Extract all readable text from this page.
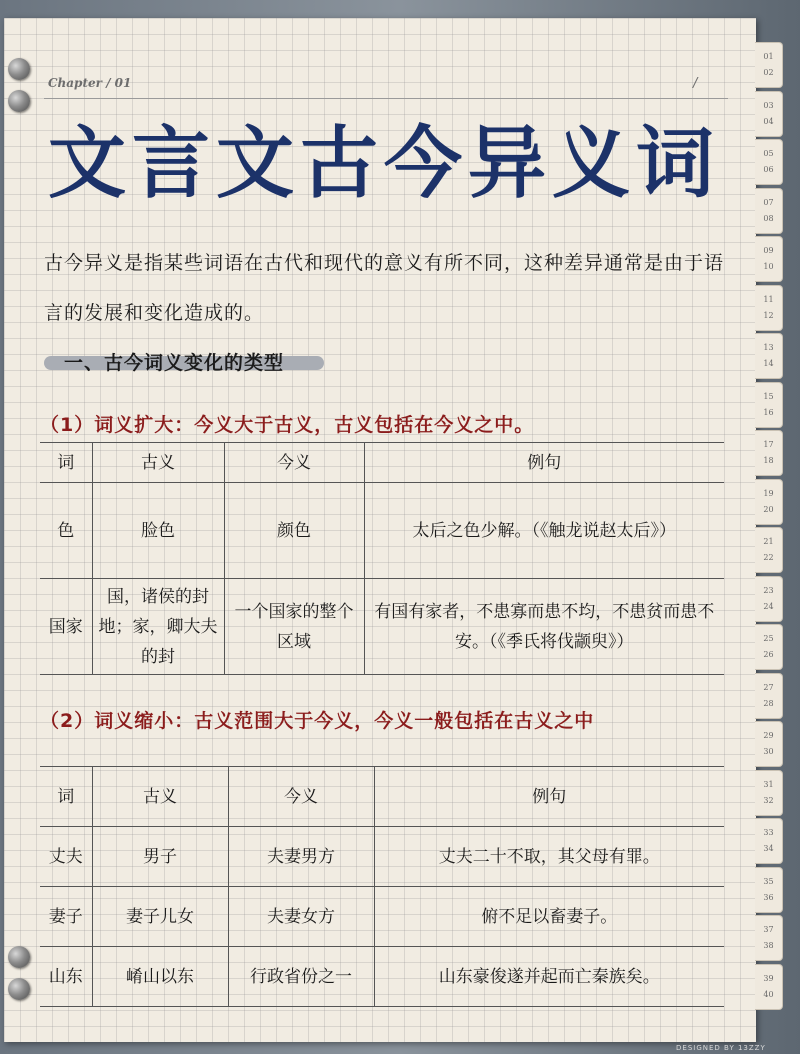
Chapter / 01	/
文言文古今异义词
古今异义是指某些词语在古代和现代的意义有所不同，这种差异通常是由于语言的发展和变化造成的。
一、古今词义变化的类型
（1）词义扩大：今义大于古义，古义包括在今义之中。
词	古义	今义	例句
色	脸色	颜色	太后之色少解。（《触龙说赵太后》）
国家	国，诸侯的封地；家，卿大夫的封	一个国家的整个区域	有国有家者，不患寡而患不均，不患贫而患不安。（《季氏将伐颛臾》）
（2）词义缩小：古义范围大于今义，今义一般包括在古义之中
词	古义	今义	例句
丈夫	男子	夫妻男方	丈夫二十不取，其父母有罪。
妻子	妻子儿女	夫妻女方	俯不足以畜妻子。
山东	崤山以东	行政省份之一	山东豪俊遂并起而亡秦族矣。
01
02
03
04
05
06
07
08
09
10
11
12
13
14
15
16
17
18
19
20
21
22
23
24
25
26
27
28
29
30
31
32
33
34
35
36
37
38
39
40
DESIGNED BY 13ZZY
